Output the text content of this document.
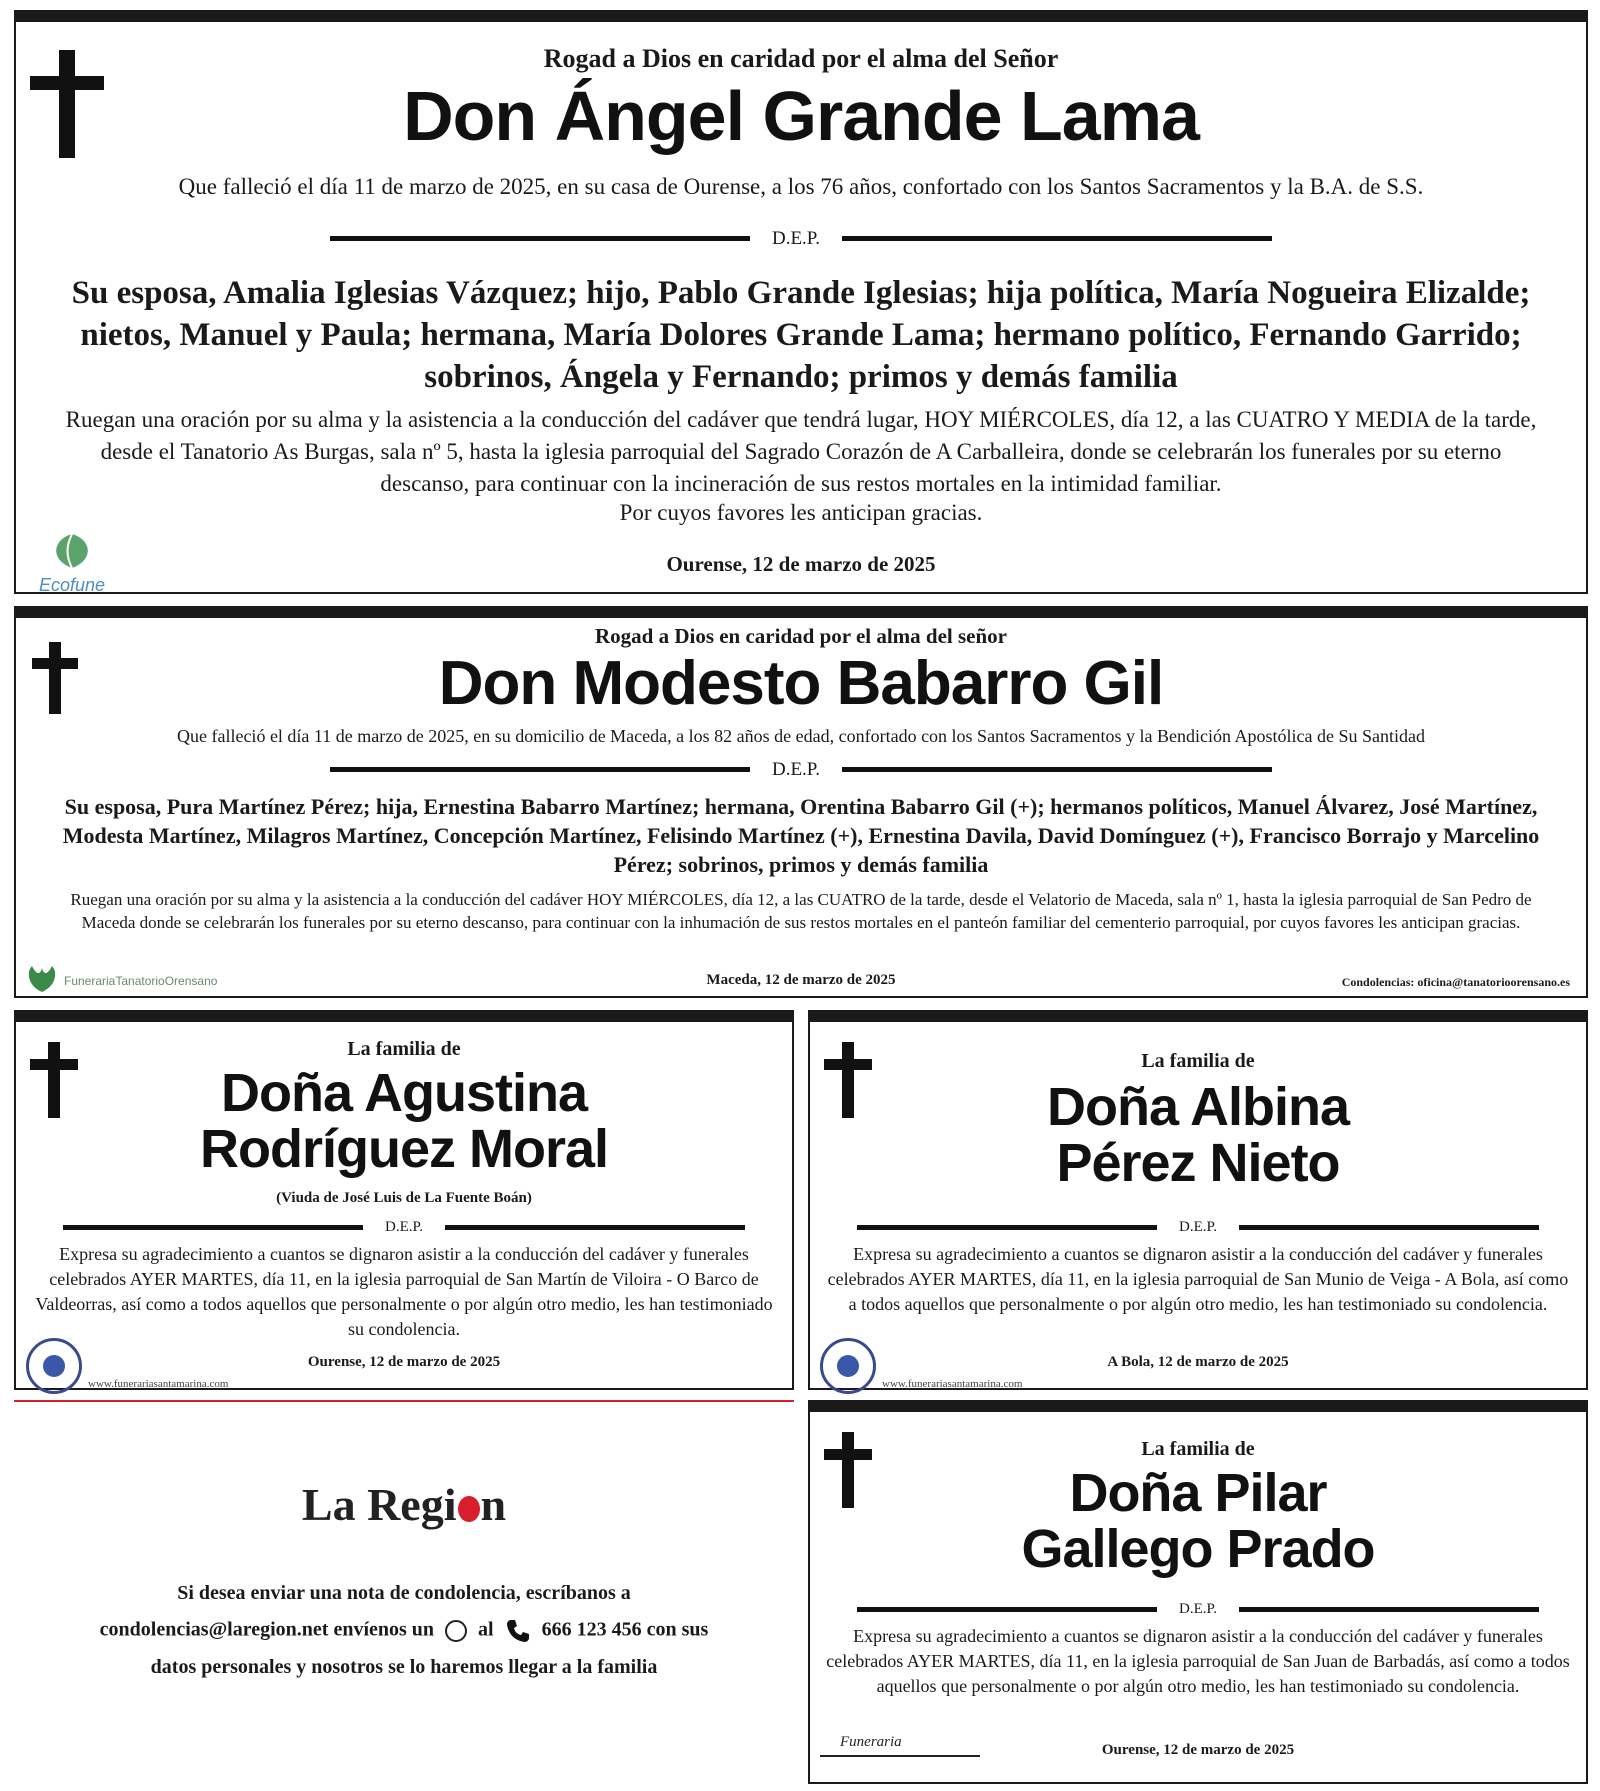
Rogad a Dios en caridad por el alma del Señor
Don Ángel Grande Lama
Que falleció el día 11 de marzo de 2025, en su casa de Ourense, a los 76 años, confortado con los Santos Sacramentos y la B.A. de S.S.
D.E.P.
Su esposa, Amalia Iglesias Vázquez; hijo, Pablo Grande Iglesias; hija política, María Nogueira Elizalde; nietos, Manuel y Paula; hermana, María Dolores Grande Lama; hermano político, Fernando Garrido; sobrinos, Ángela y Fernando; primos y demás familia
Ruegan una oración por su alma y la asistencia a la conducción del cadáver que tendrá lugar, HOY MIÉRCOLES, día 12, a las CUATRO Y MEDIA de la tarde, desde el Tanatorio As Burgas, sala nº 5, hasta la iglesia parroquial del Sagrado Corazón de A Carballeira, donde se celebrarán los funerales por su eterno descanso, para continuar con la incineración de sus restos mortales en la intimidad familiar.
Por cuyos favores les anticipan gracias.
Ourense, 12 de marzo de 2025
Ecofune
Rogad a Dios en caridad por el alma del señor
Don Modesto Babarro Gil
Que falleció el día 11 de marzo de 2025, en su domicilio de Maceda, a los 82 años de edad, confortado con los Santos Sacramentos y la Bendición Apostólica de Su Santidad
D.E.P.
Su esposa, Pura Martínez Pérez; hija, Ernestina Babarro Martínez; hermana, Orentina Babarro Gil (+); hermanos políticos, Manuel Álvarez, José Martínez, Modesta Martínez, Milagros Martínez, Concepción Martínez, Felisindo Martínez (+), Ernestina Davila, David Domínguez (+), Francisco Borrajo y Marcelino Pérez; sobrinos, primos y demás familia
Ruegan una oración por su alma y la asistencia a la conducción del cadáver HOY MIÉRCOLES, día 12, a las CUATRO de la tarde, desde el Velatorio de Maceda, sala nº 1, hasta la iglesia parroquial de San Pedro de Maceda donde se celebrarán los funerales por su eterno descanso, para continuar con la inhumación de sus restos mortales en el panteón familiar del cementerio parroquial, por cuyos favores les anticipan gracias.
Maceda, 12 de marzo de 2025	Condolencias: oficina@tanatorioorensano.es
FunerariaTanatorioOrensano
La familia de
Doña Agustina
Rodríguez Moral
(Viuda de José Luis de La Fuente Boán)
D.E.P.
Expresa su agradecimiento a cuantos se dignaron asistir a la conducción del cadáver y funerales celebrados AYER MARTES, día 11, en la iglesia parroquial de San Martín de Viloira - O Barco de Valdeorras, así como a todos aquellos que personalmente o por algún otro medio, les han testimoniado su condolencia.
Ourense, 12 de marzo de 2025
www.funerariasantamarina.com
La familia de
Doña Albina
Pérez Nieto
D.E.P.
Expresa su agradecimiento a cuantos se dignaron asistir a la conducción del cadáver y funerales celebrados AYER MARTES, día 11, en la iglesia parroquial de San Munio de Veiga - A Bola, así como a todos aquellos que personalmente o por algún otro medio, les han testimoniado su condolencia.
A Bola, 12 de marzo de 2025
www.funerariasantamarina.com
La Regi n
Si desea enviar una nota de condolencia, escríbanos a
condolencias@laregion.net envíenos un al 666 123 456 con sus
datos personales y nosotros se lo haremos llegar a la familia
La familia de
Doña Pilar
Gallego Prado
D.E.P.
Expresa su agradecimiento a cuantos se dignaron asistir a la conducción del cadáver y funerales celebrados AYER MARTES, día 11, en la iglesia parroquial de San Juan de Barbadás, así como a todos aquellos que personalmente o por algún otro medio, les han testimoniado su condolencia.
Ourense, 12 de marzo de 2025
Funeraria
